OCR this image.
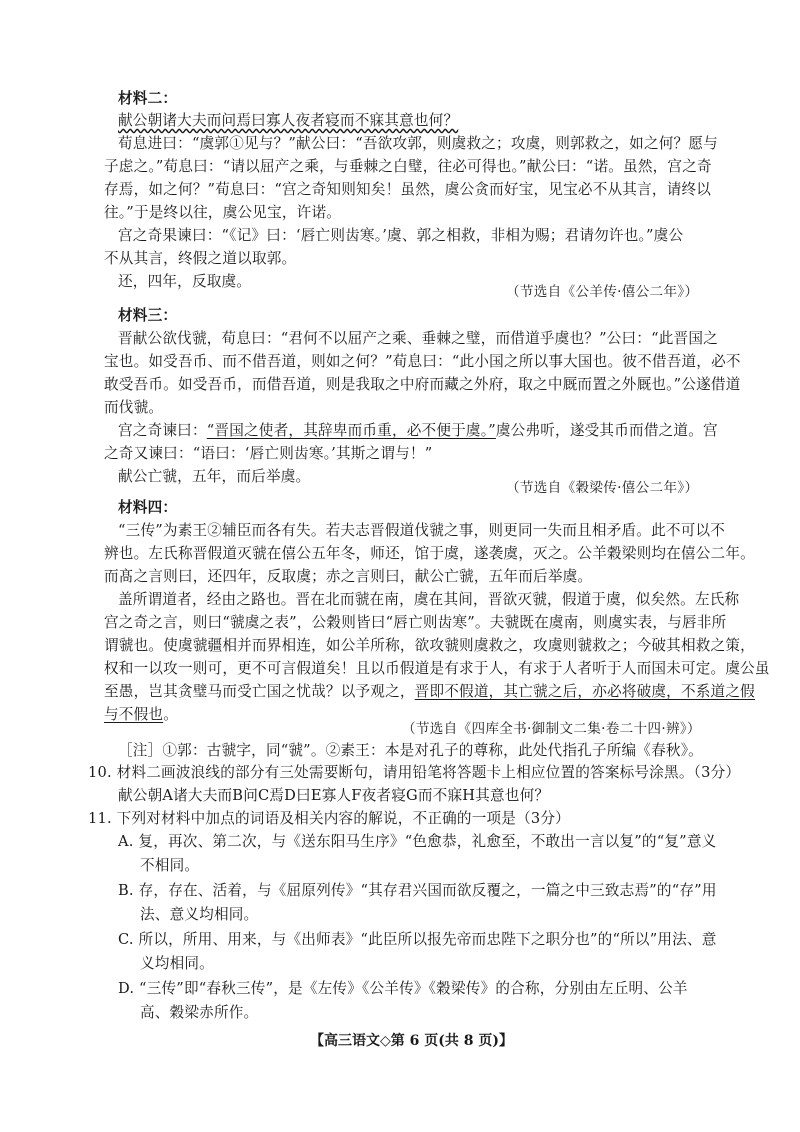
材料二：
献公朝诸大夫而问焉曰寡人夜者寝而不寐其意也何？
荀息进曰：“虞郭①见与？”献公曰：“吾欲攻郭，则虞救之；攻虞，则郭救之，如之何？愿与
子虑之。”荀息曰：“请以屈产之乘，与垂棘之白璧，往必可得也。”献公曰：“诺。虽然，宫之奇
存焉，如之何？”荀息曰：“宫之奇知则知矣！虽然，虞公贪而好宝，见宝必不从其言，请终以
往。”于是终以往，虞公见宝，许诺。
宫之奇果谏曰：“《记》曰：‘唇亡则齿寒。’虞、郭之相救，非相为赐；君请勿许也。”虞公
不从其言，终假之道以取郭。
还，四年，反取虞。
（节选自《公羊传·僖公二年》）
材料三：
晋献公欲伐虢，荀息曰：“君何不以屈产之乘、垂棘之璧，而借道乎虞也？”公曰：“此晋国之
宝也。如受吾币、而不借吾道，则如之何？”荀息曰：“此小国之所以事大国也。彼不借吾道，必不
敢受吾币。如受吾币，而借吾道，则是我取之中府而藏之外府，取之中厩而置之外厩也。”公遂借道
而伐虢。
宫之奇谏曰：“晋国之使者，其辞卑而币重，必不便于虞。”虞公弗听，遂受其币而借之道。宫
之奇又谏曰：“语曰：‘唇亡则齿寒。’其斯之谓与！”
献公亡虢，五年，而后举虞。
（节选自《穀梁传·僖公二年》）
材料四：
“三传”为素王②辅臣而各有失。若夫志晋假道伐虢之事，则更同一失而且相矛盾。此不可以不
辨也。左氏称晋假道灭虢在僖公五年冬，师还，馆于虞，遂袭虞，灭之。公羊穀梁则均在僖公二年。
而髙之言则曰，还四年，反取虞；赤之言则曰，献公亡虢，五年而后举虞。
盖所谓道者，经由之路也。晋在北而虢在南，虞在其间，晋欲灭虢，假道于虞，似矣然。左氏称
宫之奇之言，则曰“虢虞之表”，公穀则皆曰“唇亡则齿寒”。夫虢既在虞南，则虞实表，与唇非所
谓虢也。使虞虢疆相并而界相连，如公羊所称，欲攻虢则虞救之，攻虞则虢救之；今破其相救之策，
权和一以攻一则可，更不可言假道矣！且以币假道是有求于人，有求于人者听于人而国未可定。虞公虽
至愚，岂其贪璧马而受亡国之忧哉？以予观之，晋即不假道，其亡虢之后，亦必将破虞，不系道之假
与不假也。
（节选自《四库全书·御制文二集·卷二十四·辨》）
［注］①郭：古虢字，同“虢”。②素王：本是对孔子的尊称，此处代指孔子所编《春秋》。
10. 材料二画波浪线的部分有三处需要断句，请用铅笔将答题卡上相应位置的答案标号涂黑。（3分）
献公朝A诸大夫而B问C焉D曰E寡人F夜者寝G而不寐H其意也何？
11. 下列对材料中加点的词语及相关内容的解说，不正确的一项是（3分）
A. 复，再次、第二次，与《送东阳马生序》“色愈恭，礼愈至，不敢出一言以复”的“复”意义
不相同。
B. 存，存在、活着，与《屈原列传》“其存君兴国而欲反覆之，一篇之中三致志焉”的“存”用
法、意义均相同。
C. 所以，所用、用来，与《出师表》“此臣所以报先帝而忠陛下之职分也”的“所以”用法、意
义均相同。
D. “三传”即“春秋三传”，是《左传》《公羊传》《穀梁传》的合称，分别由左丘明、公羊
高、穀梁赤所作。
【高三语文◇第 6 页(共 8 页)】
